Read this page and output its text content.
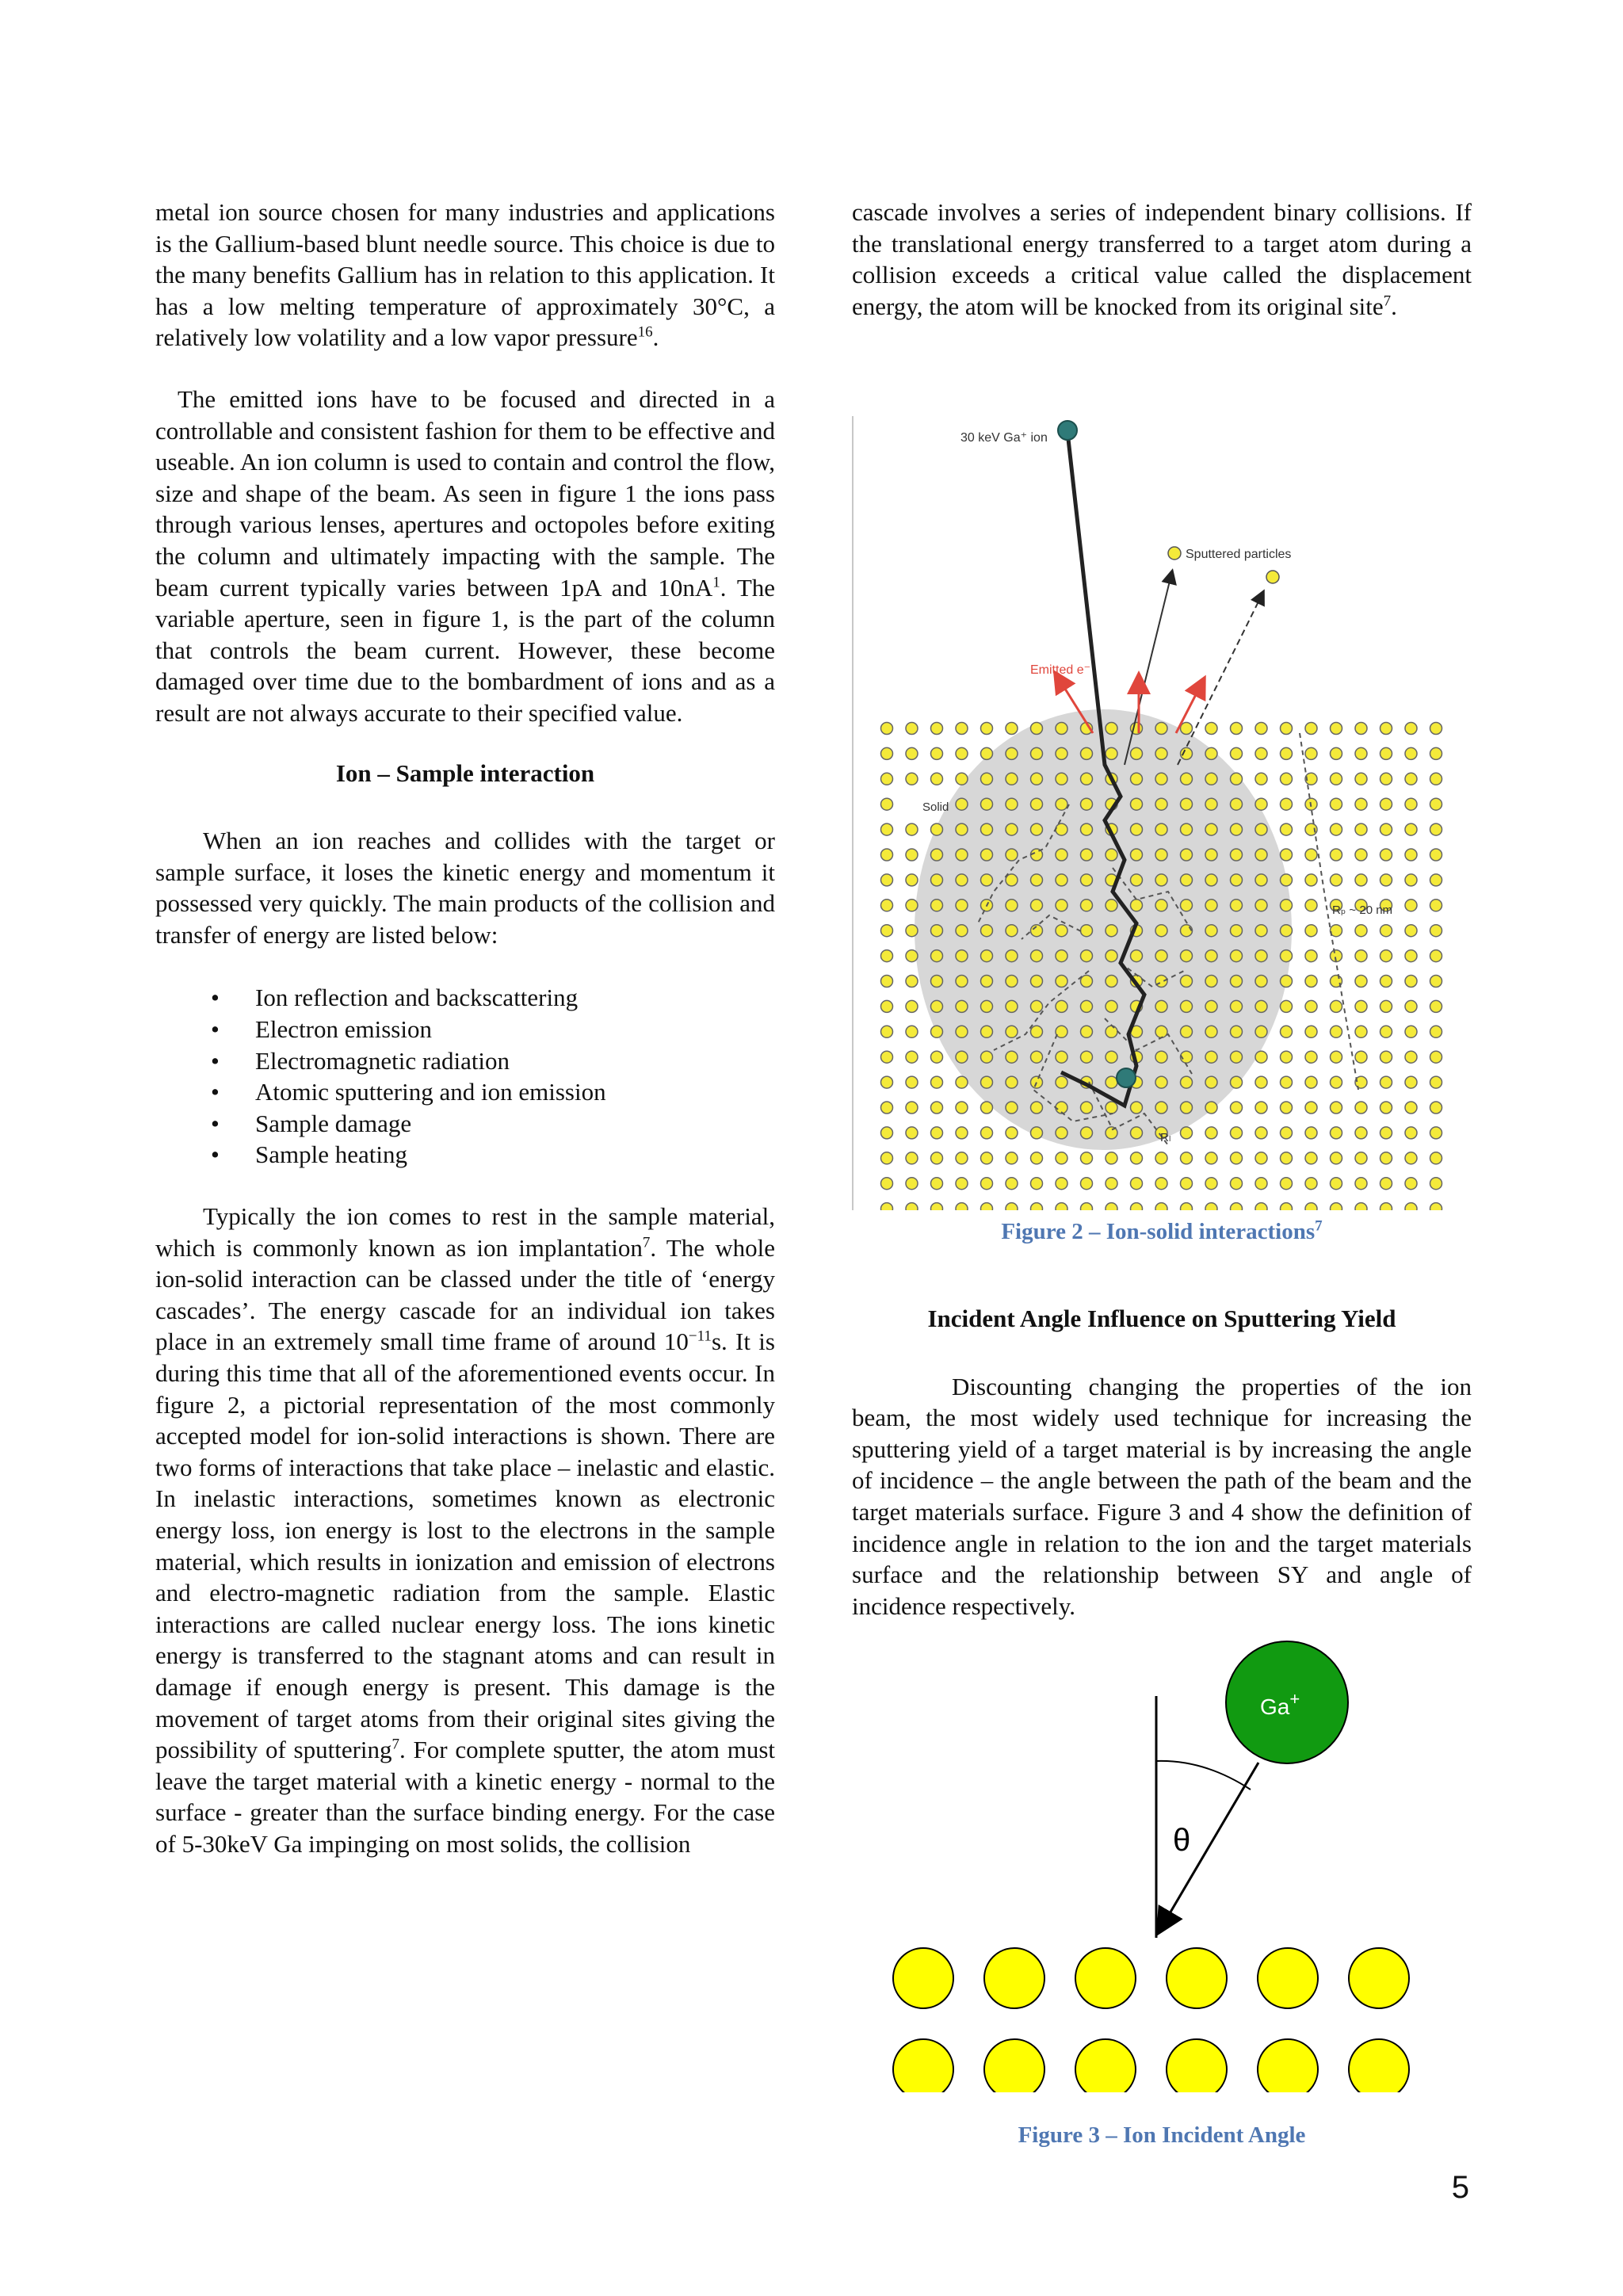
metal ion source chosen for many industries and applications is the Gallium-based blunt needle source. This choice is due to the many benefits Gallium has in relation to this application. It has a low melting temperature of approximately 30°C, a relatively low volatility and a low vapor pressure$^{16}$.

The emitted ions have to be focused and directed in a controllable and consistent fashion for them to be effective and useable. An ion column is used to contain and control the flow, size and shape of the beam. As seen in figure 1 the ions pass through various lenses, apertures and octopoles before exiting the column and ultimately impacting with the sample. The beam current typically varies between 1pA and $10nA^1$. The variable aperture, seen in figure 1, is the part of the column that controls the beam current. However, these become damaged over time due to the bombardment of ions and as a result are not always accurate to their specified value.

Ion – Sample interaction

When an ion reaches and collides with the target or sample surface, it loses the kinetic energy and momentum it possessed very quickly. The main products of the collision and transfer of energy are listed below:

• Ion reflection and backscattering
• Electron emission
• Electromagnetic radiation
• Atomic sputtering and ion emission
• Sample damage
• Sample heating

Typically the ion comes to rest in the sample material, which is commonly known as ion implantation$^7$. The whole ion-solid interaction can be classed under the title of ‘energy cascades’. The energy cascade for an individual ion takes place in an extremely small time frame of around $10^{-11}s$. It is during this time that all of the aforementioned events occur. In figure 2, a pictorial representation of the most commonly accepted model for ion-solid interactions is shown. There are two forms of interactions that take place – inelastic and elastic. In inelastic interactions, sometimes known as electronic energy loss, ion energy is lost to the electrons in the sample material, which results in ionization and emission of electrons and electro-magnetic radiation from the sample. Elastic interactions are called nuclear energy loss. The ions kinetic energy is transferred to the stagnant atoms and can result in damage if enough energy is present. This damage is the movement of target atoms from their original sites giving the possibility of sputtering$^7$. For complete sputter, the atom must leave the target material with a kinetic energy - normal to the surface - greater than the surface binding energy. For the case of 5-30keV Ga impinging on most solids, the collision

cascade involves a series of independent binary collisions. If the translational energy transferred to a target atom during a collision exceeds a critical value called the displacement energy, the atom will be knocked from its original site$^7$.

30 keV Ga⁺ ion
Sputtered particles
Emitted e⁻
Solid
Rₚ ~ 20 nm
Rₗ
Figure 2 – Ion-solid interactions$^7$

Incident Angle Influence on Sputtering Yield

Discounting changing the properties of the ion beam, the most widely used technique for increasing the sputtering yield of a target material is by increasing the angle of incidence – the angle between the path of the beam and the target materials surface. Figure 3 and 4 show the definition of incidence angle in relation to the ion and the target materials surface and the relationship between SY and angle of incidence respectively.

Ga+
θ
Figure 3 – Ion Incident Angle
5
